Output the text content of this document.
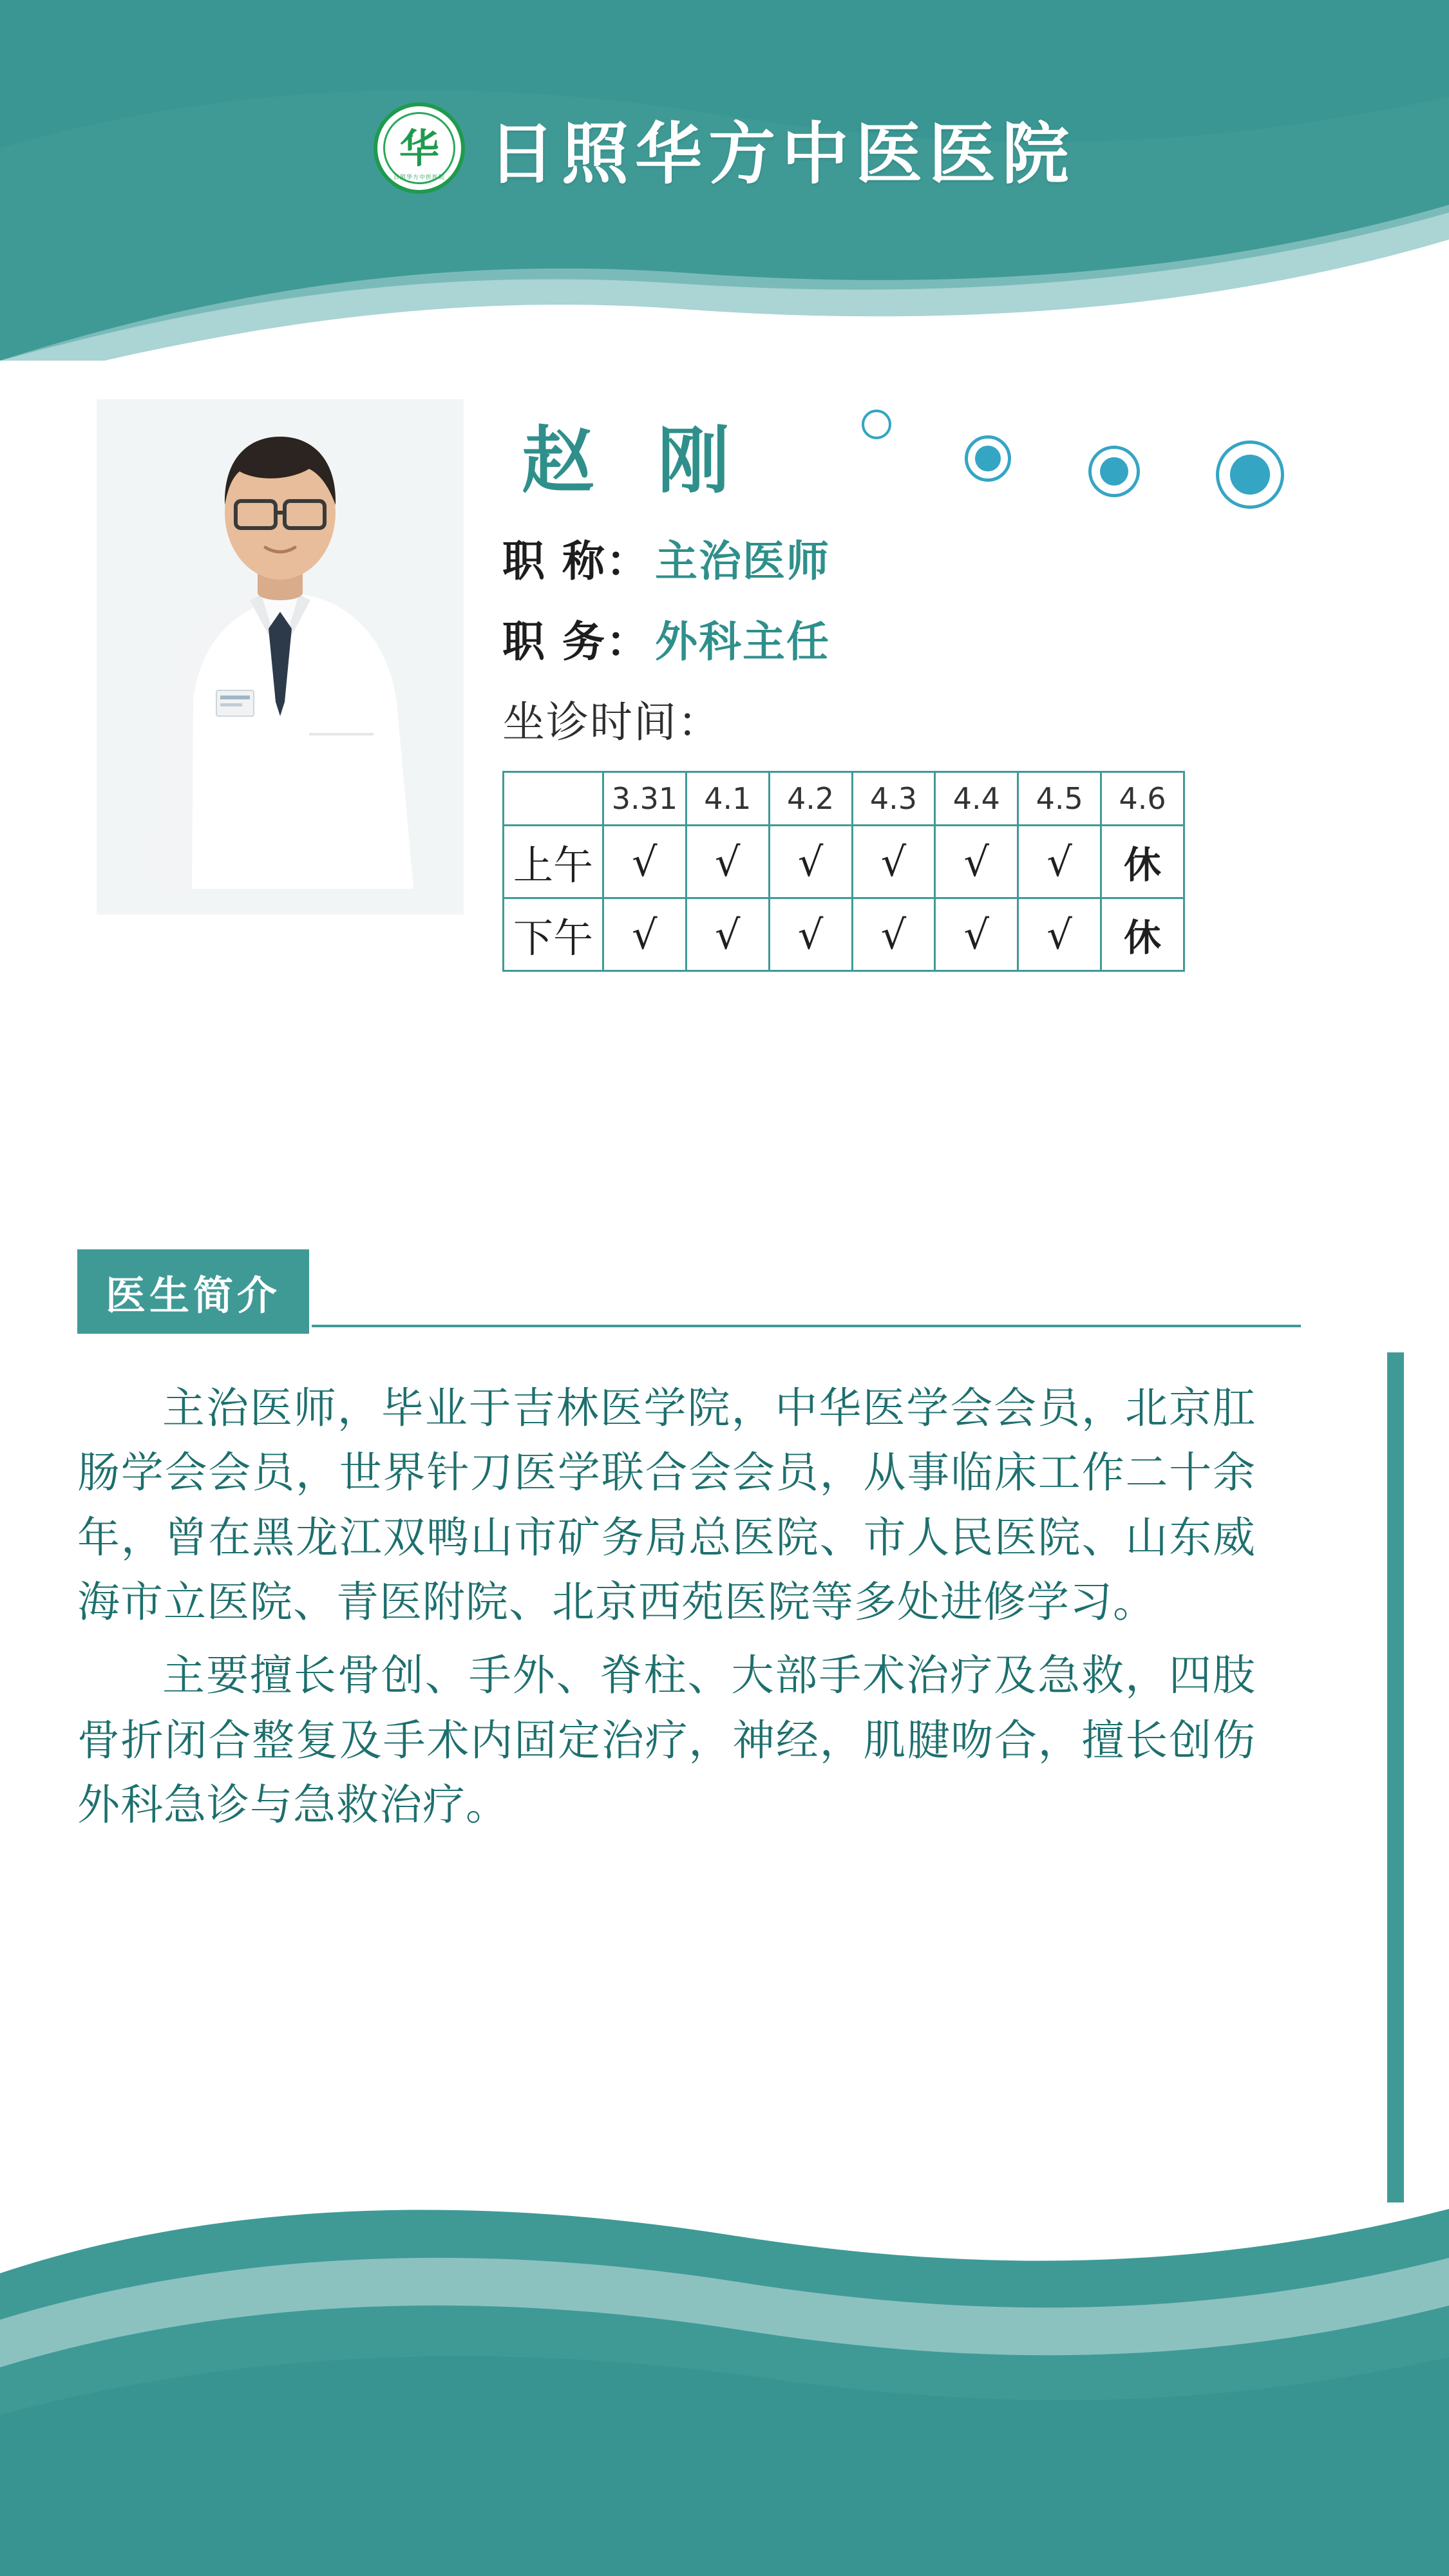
华
日照华方中医医院 日照华方中医医院
赵 刚

职 称： 主治医师

职 务： 外科主任

坐诊时间：

	3.31	4.1	4.2	4.3	4.4	4.5	4.6
上午	√	√	√	√	√	√	休
下午	√	√	√	√	√	√	休
医生简介

主治医师，毕业于吉林医学院，中华医学会会员，北京肛肠学会会员，世界针刀医学联合会会员，从事临床工作二十余年，曾在黑龙江双鸭山市矿务局总医院、市人民医院、山东威海市立医院、青医附院、北京西苑医院等多处进修学习。

主要擅长骨创、手外、脊柱、大部手术治疗及急救，四肢骨折闭合整复及手术内固定治疗，神经，肌腱吻合，擅长创伤外科急诊与急救治疗。
